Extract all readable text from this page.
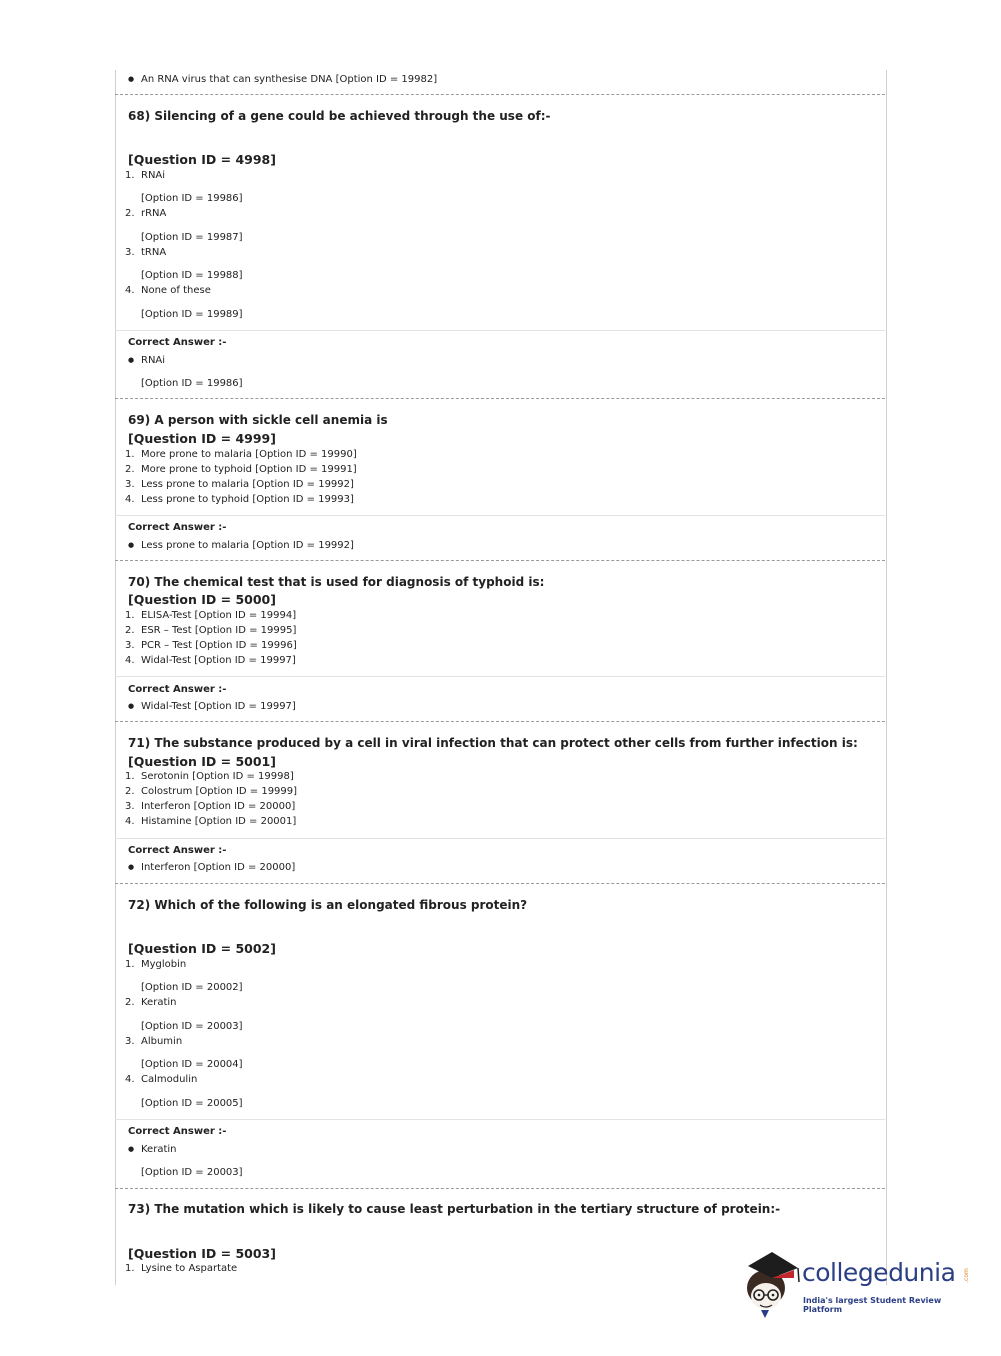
● An RNA virus that can synthesise DNA [Option ID = 19982]
68) Silencing of a gene could be achieved through the use of:-
[Question ID = 4998]
1. RNAi
[Option ID = 19986]
2. rRNA
[Option ID = 19987]
3. tRNA
[Option ID = 19988]
4. None of these
[Option ID = 19989]
Correct Answer :-
● RNAi
[Option ID = 19986]
69) A person with sickle cell anemia is
[Question ID = 4999]
1. More prone to malaria [Option ID = 19990]
2. More prone to typhoid [Option ID = 19991]
3. Less prone to malaria [Option ID = 19992]
4. Less prone to typhoid [Option ID = 19993]
Correct Answer :-
● Less prone to malaria [Option ID = 19992]
70) The chemical test that is used for diagnosis of typhoid is:
[Question ID = 5000]
1. ELISA-Test [Option ID = 19994]
2. ESR – Test [Option ID = 19995]
3. PCR – Test [Option ID = 19996]
4. Widal-Test [Option ID = 19997]
Correct Answer :-
● Widal-Test [Option ID = 19997]
71) The substance produced by a cell in viral infection that can protect other cells from further infection is:
[Question ID = 5001]
1. Serotonin [Option ID = 19998]
2. Colostrum [Option ID = 19999]
3. Interferon [Option ID = 20000]
4. Histamine [Option ID = 20001]
Correct Answer :-
● Interferon [Option ID = 20000]
72) Which of the following is an elongated fibrous protein?
[Question ID = 5002]
1. Myglobin
[Option ID = 20002]
2. Keratin
[Option ID = 20003]
3. Albumin
[Option ID = 20004]
4. Calmodulin
[Option ID = 20005]
Correct Answer :-
● Keratin
[Option ID = 20003]
73) The mutation which is likely to cause least perturbation in the tertiary structure of protein:-
[Question ID = 5003]
1. Lysine to Aspartate	collegedunia .com
India's largest Student Review Platform
